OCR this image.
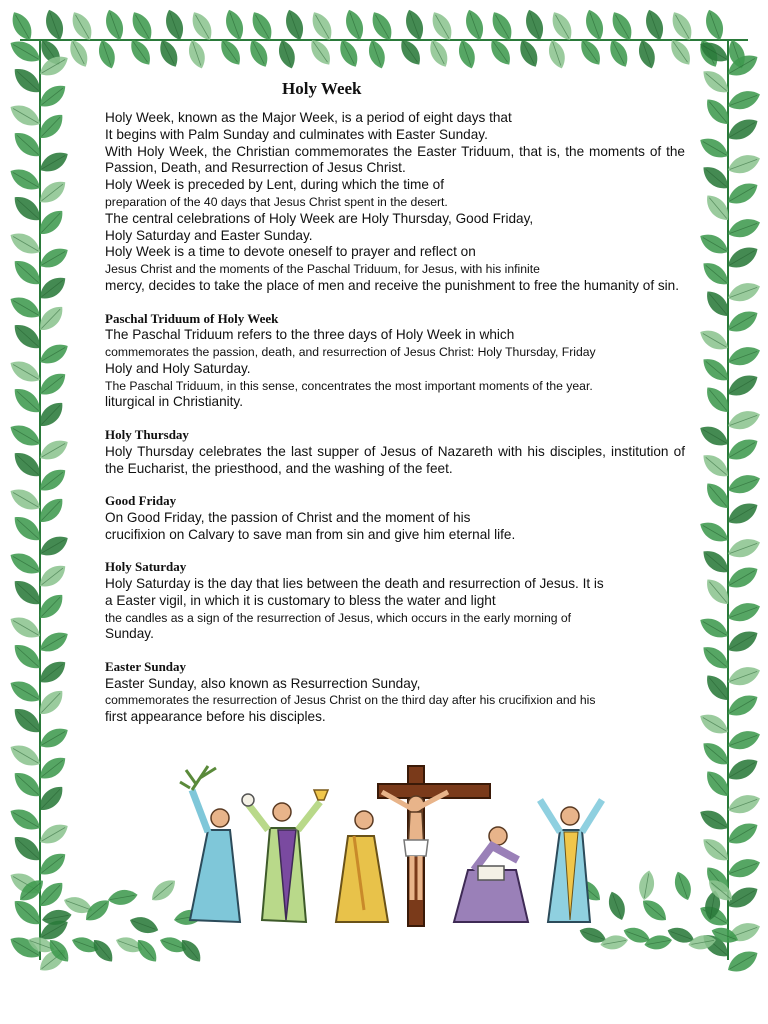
Holy Week

Holy Week, known as the Major Week, is a period of eight days that

It begins with Palm Sunday and culminates with Easter Sunday.

With Holy Week, the Christian commemorates the Easter Triduum, that is, the moments of the Passion, Death, and Resurrection of Jesus Christ.

Holy Week is preceded by Lent, during which the time of

preparation of the 40 days that Jesus Christ spent in the desert.

The central celebrations of Holy Week are Holy Thursday, Good Friday,

Holy Saturday and Easter Sunday.

Holy Week is a time to devote oneself to prayer and reflect on

Jesus Christ and the moments of the Paschal Triduum, for Jesus, with his infinite

mercy, decides to take the place of men and receive the punishment to free the humanity of sin.

Paschal Triduum of Holy Week

The Paschal Triduum refers to the three days of Holy Week in which

commemorates the passion, death, and resurrection of Jesus Christ: Holy Thursday, Friday

Holy and Holy Saturday.

The Paschal Triduum, in this sense, concentrates the most important moments of the year.

liturgical in Christianity.

Holy Thursday

Holy Thursday celebrates the last supper of Jesus of Nazareth with his disciples, institution of the Eucharist, the priesthood, and the washing of the feet.

Good Friday

On Good Friday, the passion of Christ and the moment of his

crucifixion on Calvary to save man from sin and give him eternal life.

Holy Saturday

Holy Saturday is the day that lies between the death and resurrection of Jesus. It is

a Easter vigil, in which it is customary to bless the water and light

the candles as a sign of the resurrection of Jesus, which occurs in the early morning of

Sunday.

Easter Sunday

Easter Sunday, also known as Resurrection Sunday,

commemorates the resurrection of Jesus Christ on the third day after his crucifixion and his

first appearance before his disciples.
